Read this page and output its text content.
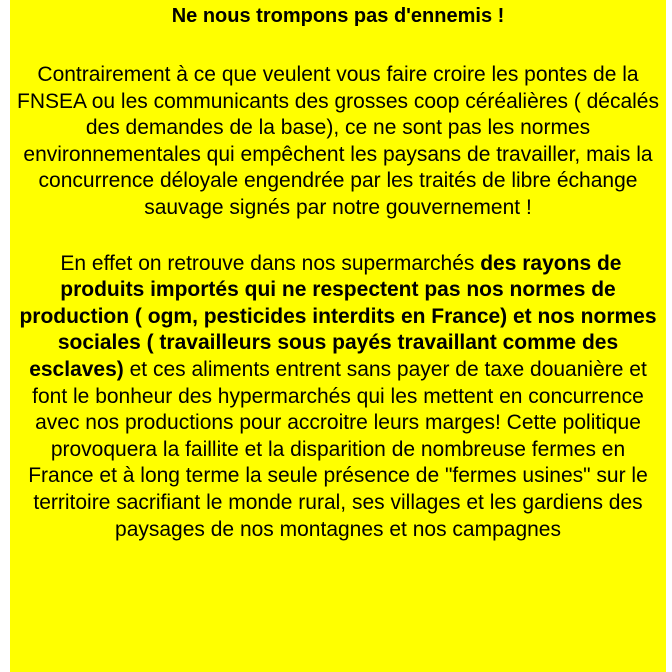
Ne nous trompons pas d'ennemis !

Contrairement à ce que veulent vous faire croire les pontes de la FNSEA ou les communicants des grosses coop céréalières ( décalés des demandes de la base), ce ne sont pas les normes environnementales qui empêchent les paysans de travailler, mais la concurrence déloyale engendrée par les traités de libre échange sauvage signés par notre gouvernement !

En effet on retrouve dans nos supermarchés des rayons de produits importés qui ne respectent pas nos normes de production ( ogm, pesticides interdits en France) et nos normes sociales ( travailleurs sous payés travaillant comme des esclaves) et ces aliments entrent sans payer de taxe douanière et font le bonheur des hypermarchés qui les mettent en concurrence avec nos productions pour accroitre leurs marges! Cette politique provoquera la faillite et la disparition de nombreuse fermes en France et à long terme la seule présence de "fermes usines" sur le territoire sacrifiant le monde rural, ses villages et les gardiens des paysages de nos montagnes et nos campagnes
